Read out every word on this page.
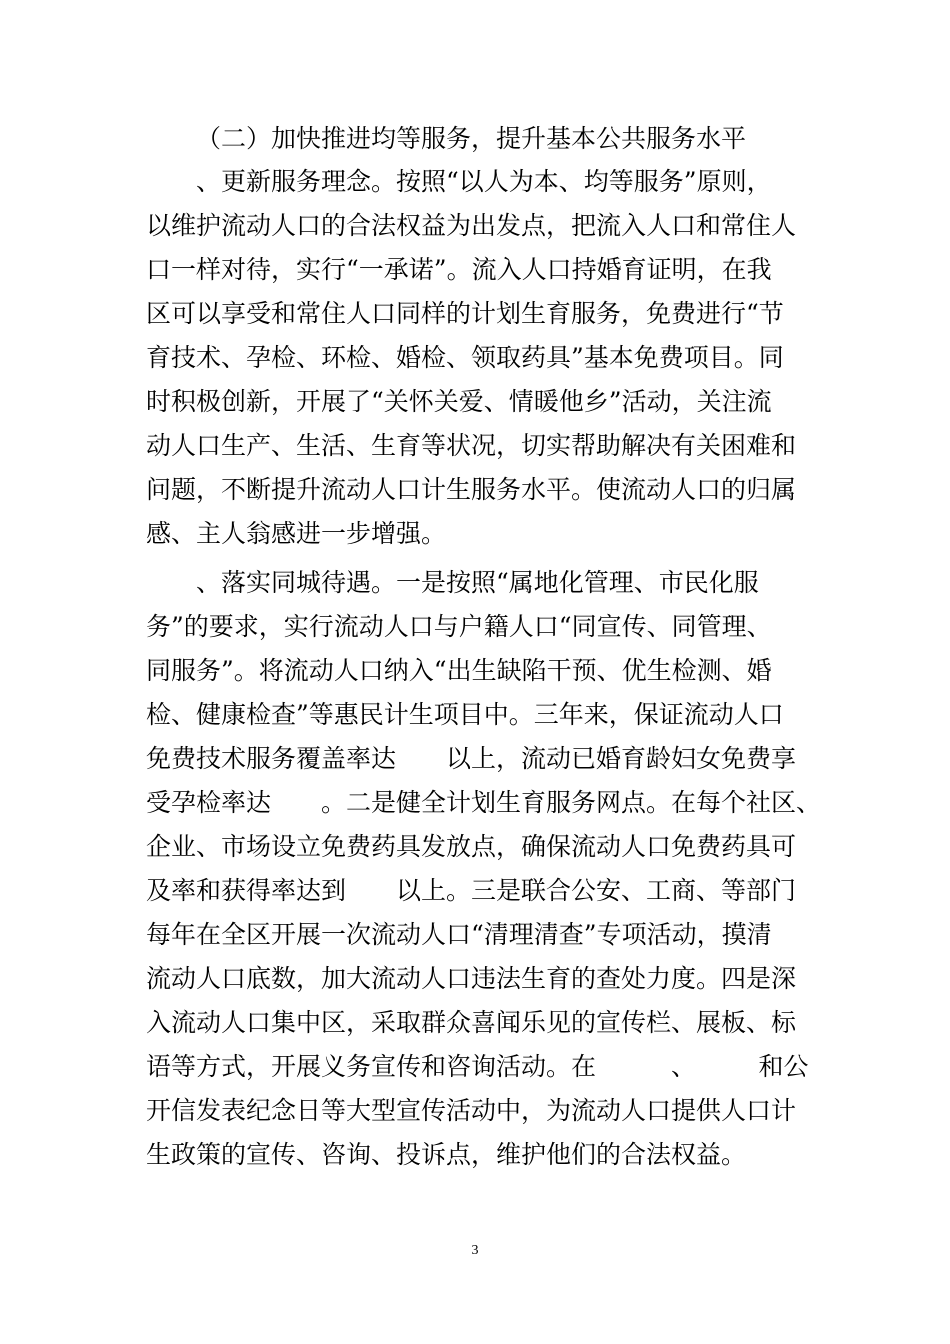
（二）加快推进均等服务，提升基本公共服务水平
、更新服务理念。按照“以人为本、均等服务”原则，
以维护流动人口的合法权益为出发点，把流入人口和常住人
口一样对待，实行“一承诺”。流入人口持婚育证明，在我
区可以享受和常住人口同样的计划生育服务，免费进行“节
育技术、孕检、环检、婚检、领取药具”基本免费项目。同
时积极创新，开展了“关怀关爱、情暖他乡”活动，关注流
动人口生产、生活、生育等状况，切实帮助解决有关困难和
问题，不断提升流动人口计生服务水平。使流动人口的归属
感、主人翁感进一步增强。
、落实同城待遇。一是按照“属地化管理、市民化服
务”的要求，实行流动人口与户籍人口“同宣传、同管理、
同服务”。将流动人口纳入“出生缺陷干预、优生检测、婚
检、健康检查”等惠民计生项目中。三年来，保证流动人口
免费技术服务覆盖率达　　以上，流动已婚育龄妇女免费享
受孕检率达　　。二是健全计划生育服务网点。在每个社区、
企业、市场设立免费药具发放点，确保流动人口免费药具可
及率和获得率达到　　以上。三是联合公安、工商、等部门
每年在全区开展一次流动人口“清理清查”专项活动，摸清
流动人口底数，加大流动人口违法生育的查处力度。四是深
入流动人口集中区，采取群众喜闻乐见的宣传栏、展板、标
语等方式，开展义务宣传和咨询活动。在　　　、　　　和公
开信发表纪念日等大型宣传活动中，为流动人口提供人口计
生政策的宣传、咨询、投诉点，维护他们的合法权益。
3
